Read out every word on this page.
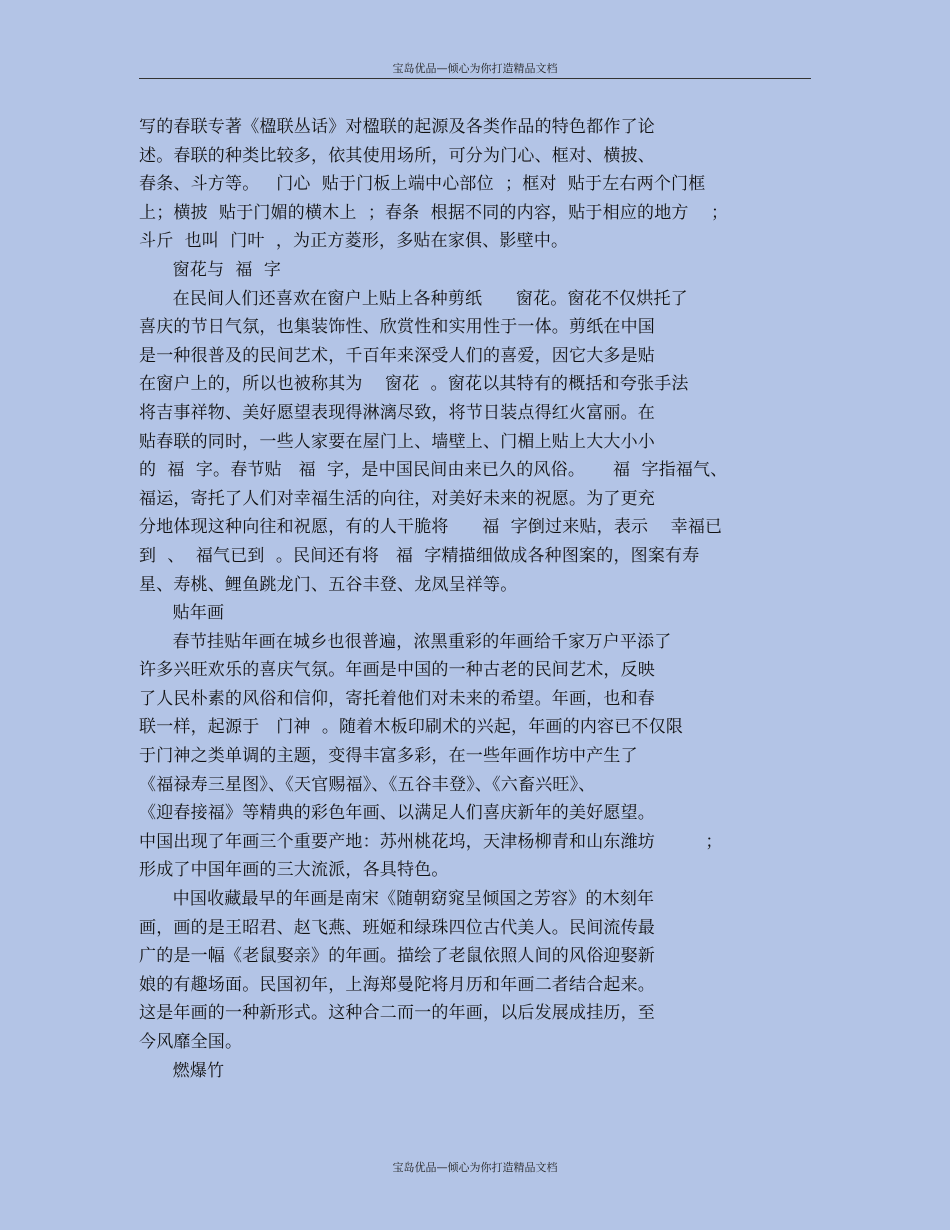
宝岛优品—倾心为你打造精品文档
写的春联专著《楹联丛话》对楹联的起源及各类作品的特色都作了论
述。春联的种类比较多，依其使用场所，可分为门心、框对、横披、
春条、斗方等。   门心  贴于门板上端中心部位  ；框对  贴于左右两个门框
上；横披  贴于门媚的横木上  ；春条  根据不同的内容，贴于相应的地方    ；
斗斤  也叫  门叶  ，为正方菱形，多贴在家俱、影壁中。
窗花与  福  字
在民间人们还喜欢在窗户上贴上各种剪纸      窗花。窗花不仅烘托了
喜庆的节日气氛，也集装饰性、欣赏性和实用性于一体。剪纸在中国
是一种很普及的民间艺术，千百年来深受人们的喜爱，因它大多是贴
在窗户上的，所以也被称其为    窗花  。窗花以其特有的概括和夸张手法
将吉事祥物、美好愿望表现得淋漓尽致，将节日装点得红火富丽。在
贴春联的同时，一些人家要在屋门上、墙壁上、门楣上贴上大大小小
的  福  字。春节贴   福  字，是中国民间由来已久的风俗。     福  字指福气、
福运，寄托了人们对幸福生活的向往，对美好未来的祝愿。为了更充
分地体现这种向往和祝愿，有的人干脆将      福  字倒过来贴，表示    幸福已
到  、  福气已到  。民间还有将   福  字精描细做成各种图案的，图案有寿
星、寿桃、鲤鱼跳龙门、五谷丰登、龙凤呈祥等。
贴年画
春节挂贴年画在城乡也很普遍，浓黑重彩的年画给千家万户平添了
许多兴旺欢乐的喜庆气氛。年画是中国的一种古老的民间艺术，反映
了人民朴素的风俗和信仰，寄托着他们对未来的希望。年画，也和春
联一样，起源于   门神  。随着木板印刷术的兴起，年画的内容已不仅限
于门神之类单调的主题，变得丰富多彩，在一些年画作坊中产生了
《福禄寿三星图》、《天官赐福》、《五谷丰登》、《六畜兴旺》、
《迎春接福》等精典的彩色年画、以满足人们喜庆新年的美好愿望。
中国出现了年画三个重要产地：苏州桃花坞，天津杨柳青和山东潍坊         ；
形成了中国年画的三大流派，各具特色。
中国收藏最早的年画是南宋《随朝窈窕呈倾国之芳容》的木刻年
画，画的是王昭君、赵飞燕、班姬和绿珠四位古代美人。民间流传最
广的是一幅《老鼠娶亲》的年画。描绘了老鼠依照人间的风俗迎娶新
娘的有趣场面。民国初年，上海郑曼陀将月历和年画二者结合起来。
这是年画的一种新形式。这种合二而一的年画，以后发展成挂历，至
今风靡全国。
燃爆竹
宝岛优品—倾心为你打造精品文档
